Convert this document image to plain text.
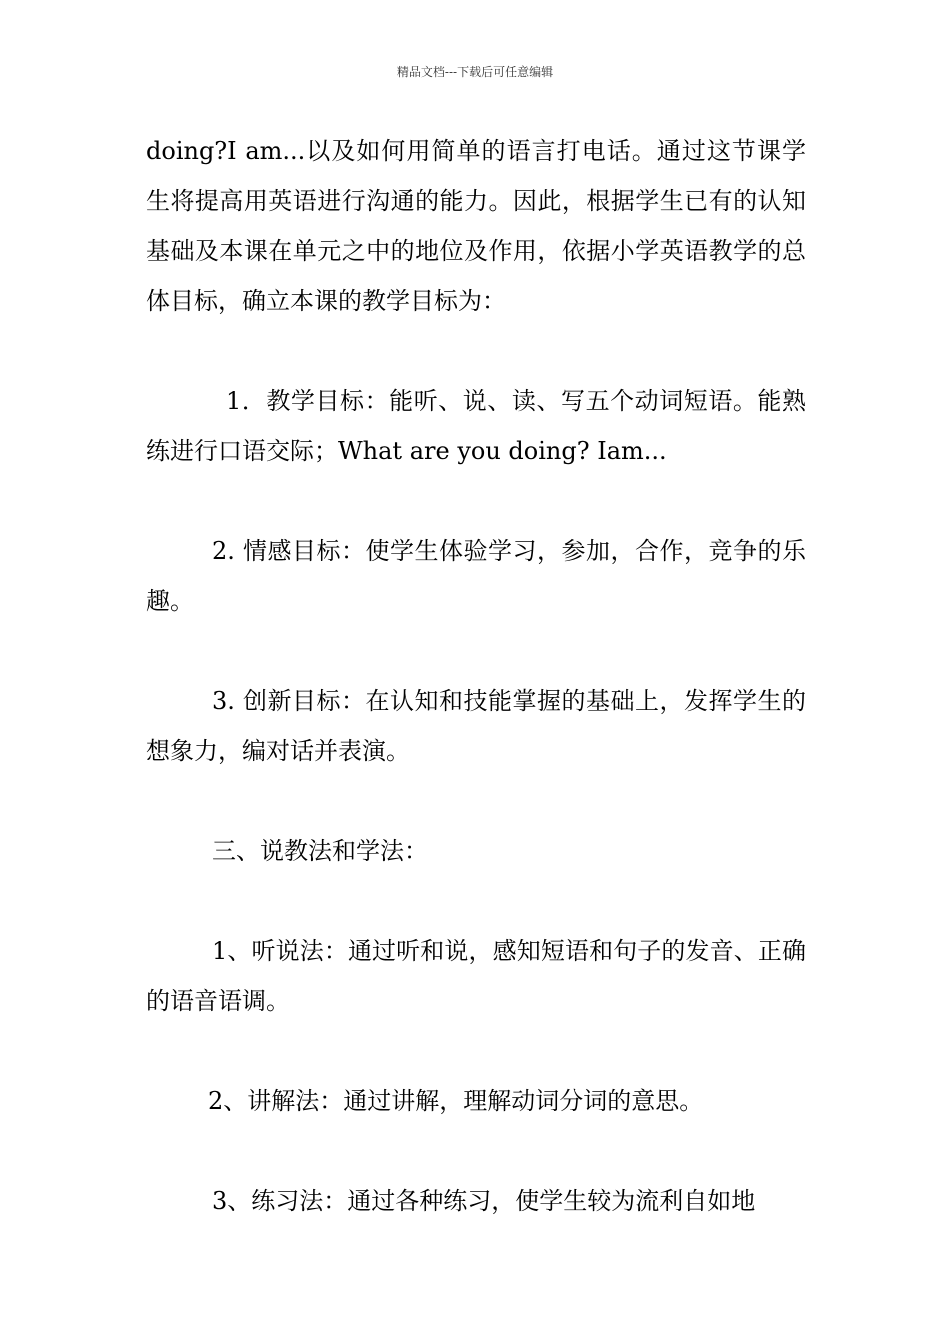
精品文档---下载后可任意编辑

doing?I am...以及如何用简单的语言打电话。通过这节课学生将提高用英语进行沟通的能力。因此，根据学生已有的认知基础及本课在单元之中的地位及作用，依据小学英语教学的总体目标，确立本课的教学目标为：

1．教学目标：能听、说、读、写五个动词短语。能熟练进行口语交际；What are you doing? Iam...

2. 情感目标：使学生体验学习，参加，合作，竞争的乐趣。

3. 创新目标：在认知和技能掌握的基础上，发挥学生的想象力，编对话并表演。

三、说教法和学法：

1、听说法：通过听和说，感知短语和句子的发音、正确的语音语调。

2、讲解法：通过讲解，理解动词分词的意思。

3、练习法：通过各种练习，使学生较为流利自如地
